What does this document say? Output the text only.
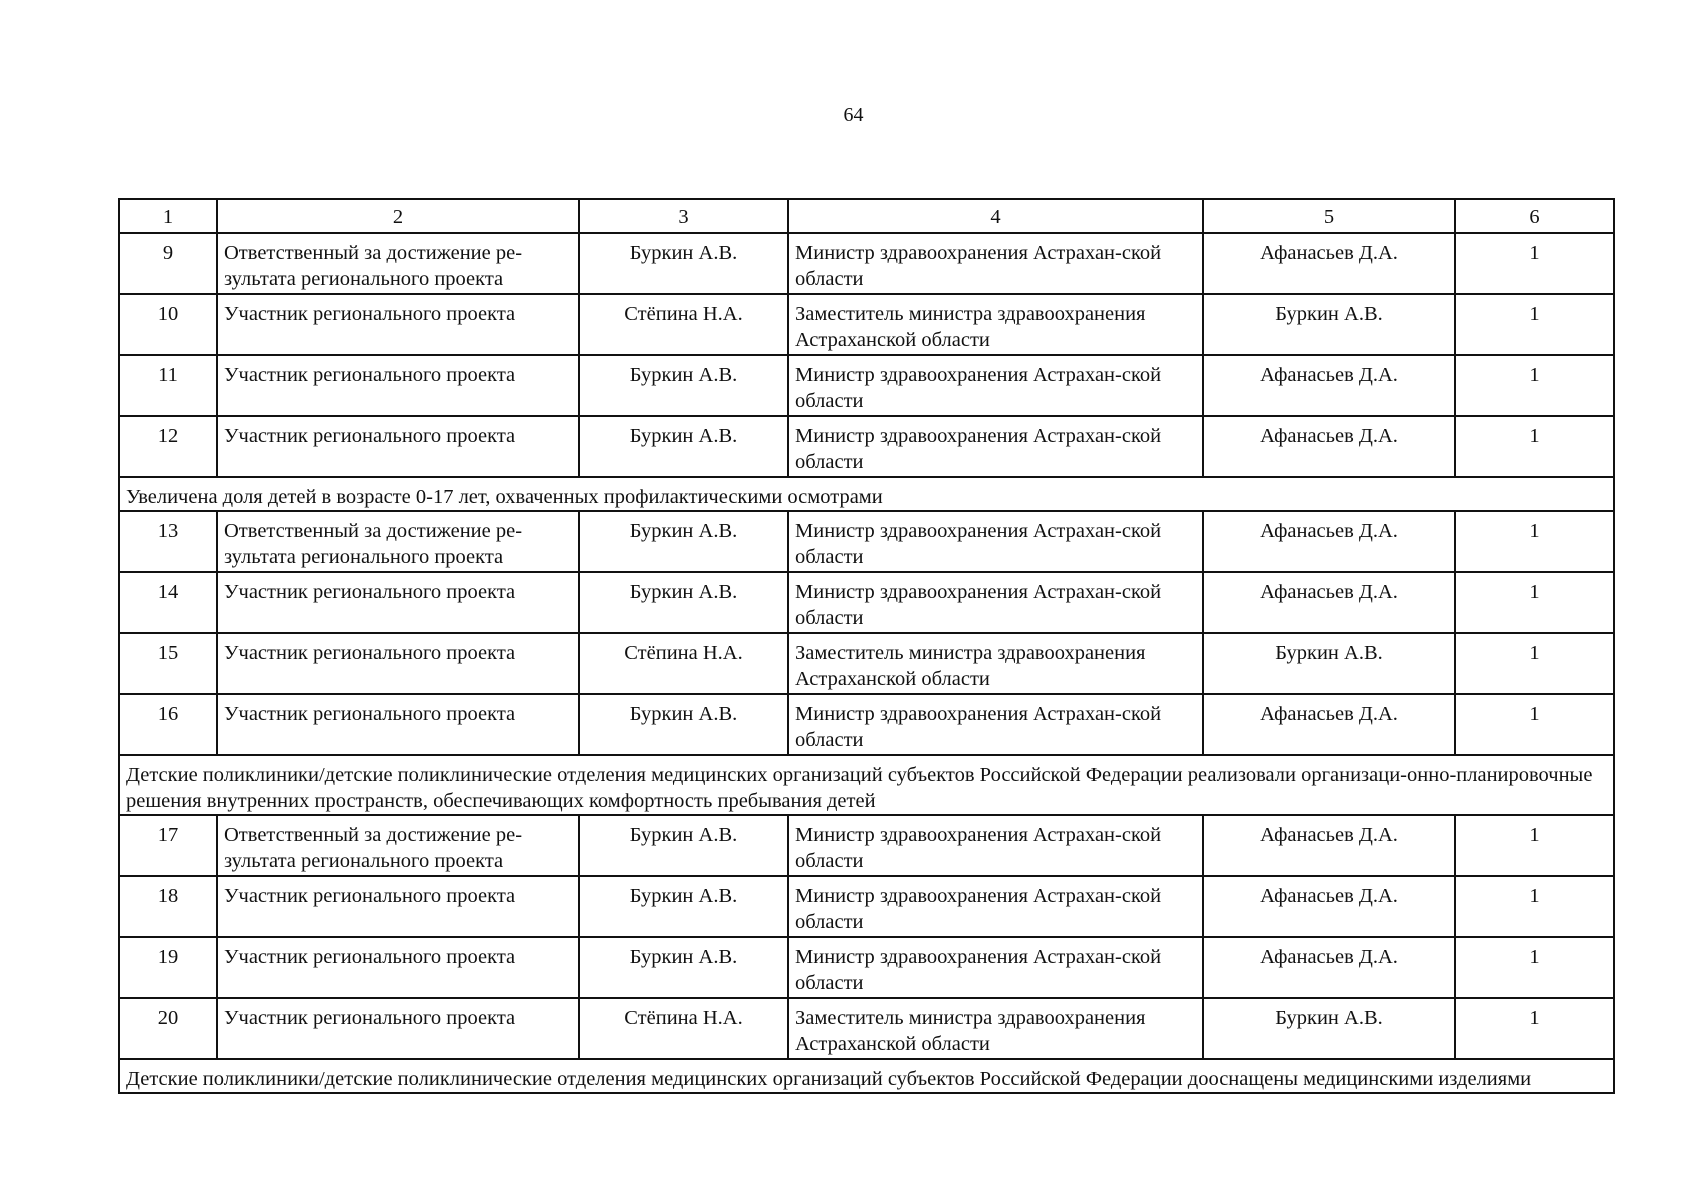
64
1	2	3	4	5	6
9	Ответственный за достижение ре-зультата регионального проекта	Буркин А.В.	Министр здравоохранения Астрахан-ской области	Афанасьев Д.А.	1
10	Участник регионального проекта	Стёпина Н.А.	Заместитель министра здравоохранения Астраханской области	Буркин А.В.	1
11	Участник регионального проекта	Буркин А.В.	Министр здравоохранения Астрахан-ской области	Афанасьев Д.А.	1
12	Участник регионального проекта	Буркин А.В.	Министр здравоохранения Астрахан-ской области	Афанасьев Д.А.	1
Увеличена доля детей в возрасте 0-17 лет, охваченных профилактическими осмотрами					
13	Ответственный за достижение ре-зультата регионального проекта	Буркин А.В.	Министр здравоохранения Астрахан-ской области	Афанасьев Д.А.	1
14	Участник регионального проекта	Буркин А.В.	Министр здравоохранения Астрахан-ской области	Афанасьев Д.А.	1
15	Участник регионального проекта	Стёпина Н.А.	Заместитель министра здравоохранения Астраханской области	Буркин А.В.	1
16	Участник регионального проекта	Буркин А.В.	Министр здравоохранения Астрахан-ской области	Афанасьев Д.А.	1
Детские поликлиники/детские поликлинические отделения медицинских организаций субъектов Российской Федерации реализовали организаци-онно-планировочные решения внутренних пространств, обеспечивающих комфортность пребывания детей					
17	Ответственный за достижение ре-зультата регионального проекта	Буркин А.В.	Министр здравоохранения Астрахан-ской области	Афанасьев Д.А.	1
18	Участник регионального проекта	Буркин А.В.	Министр здравоохранения Астрахан-ской области	Афанасьев Д.А.	1
19	Участник регионального проекта	Буркин А.В.	Министр здравоохранения Астрахан-ской области	Афанасьев Д.А.	1
20	Участник регионального проекта	Стёпина Н.А.	Заместитель министра здравоохранения Астраханской области	Буркин А.В.	1
Детские поликлиники/детские поликлинические отделения медицинских организаций субъектов Российской Федерации дооснащены медицинскими изделиями					
